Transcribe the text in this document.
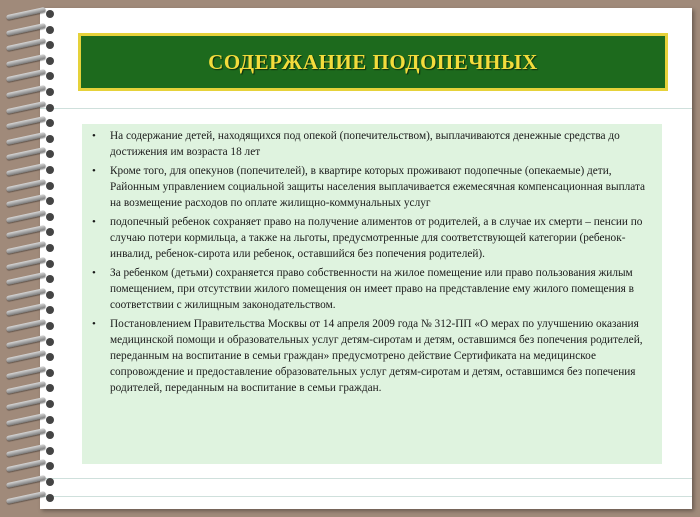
СОДЕРЖАНИЕ ПОДОПЕЧНЫХ
• На содержание детей, находящихся под опекой (попечительством), выплачиваются денежные средства до достижения им возраста 18 лет
• Кроме того, для опекунов (попечителей), в квартире которых проживают подопечные (опекаемые) дети, Районным управлением социальной защиты населения выплачивается ежемесячная компенсационная выплата на возмещение расходов по оплате жилищно-коммунальных услуг
• подопечный ребенок сохраняет право на получение алиментов от родителей, а в случае их смерти – пенсии по случаю потери кормильца, а также на льготы, предусмотренные для соответствующей категории (ребенок-инвалид, ребенок-сирота или ребенок, оставшийся без попечения родителей).
• За ребенком (детьми) сохраняется право собственности на жилое помещение или право пользования жилым помещением, при отсутствии жилого помещения он имеет право на представление ему жилого помещения в соответствии с жилищным законодательством.
• Постановлением Правительства Москвы от 14 апреля 2009 года № 312-ПП «О мерах по улучшению оказания медицинской помощи и образовательных услуг детям-сиротам и детям, оставшимся без попечения родителей, переданным на воспитание в семьи граждан» предусмотрено действие Сертификата на медицинское сопровождение и предоставление образовательных услуг детям-сиротам и детям, оставшимся без попечения родителей, переданным на воспитание в семьи граждан.
